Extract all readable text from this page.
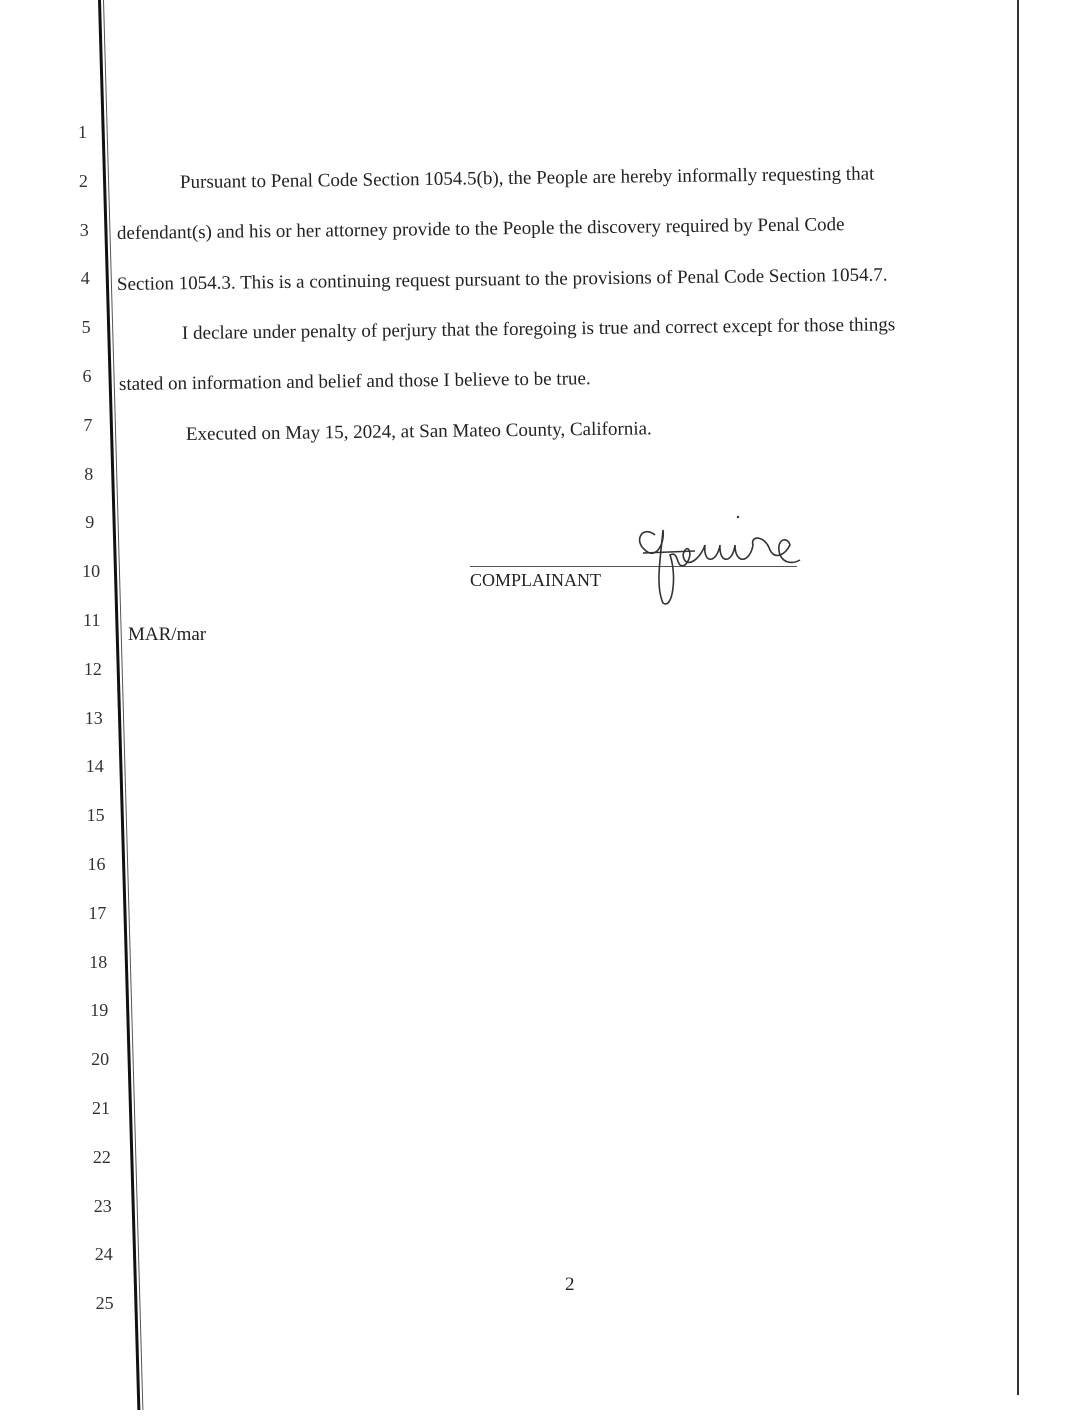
1
2
3
4
5
6
7
8
9
10
11
12
13
14
15
16
17
18
19
20
21
22
23
24
25
Pursuant to Penal Code Section 1054.5(b), the People are hereby informally requesting that
defendant(s) and his or her attorney provide to the People the discovery required by Penal Code
Section 1054.3. This is a continuing request pursuant to the provisions of Penal Code Section 1054.7.
I declare under penalty of perjury that the foregoing is true and correct except for those things
stated on information and belief and those I believe to be true.
Executed on May 15, 2024, at San Mateo County, California.
COMPLAINANT
MAR/mar
2
